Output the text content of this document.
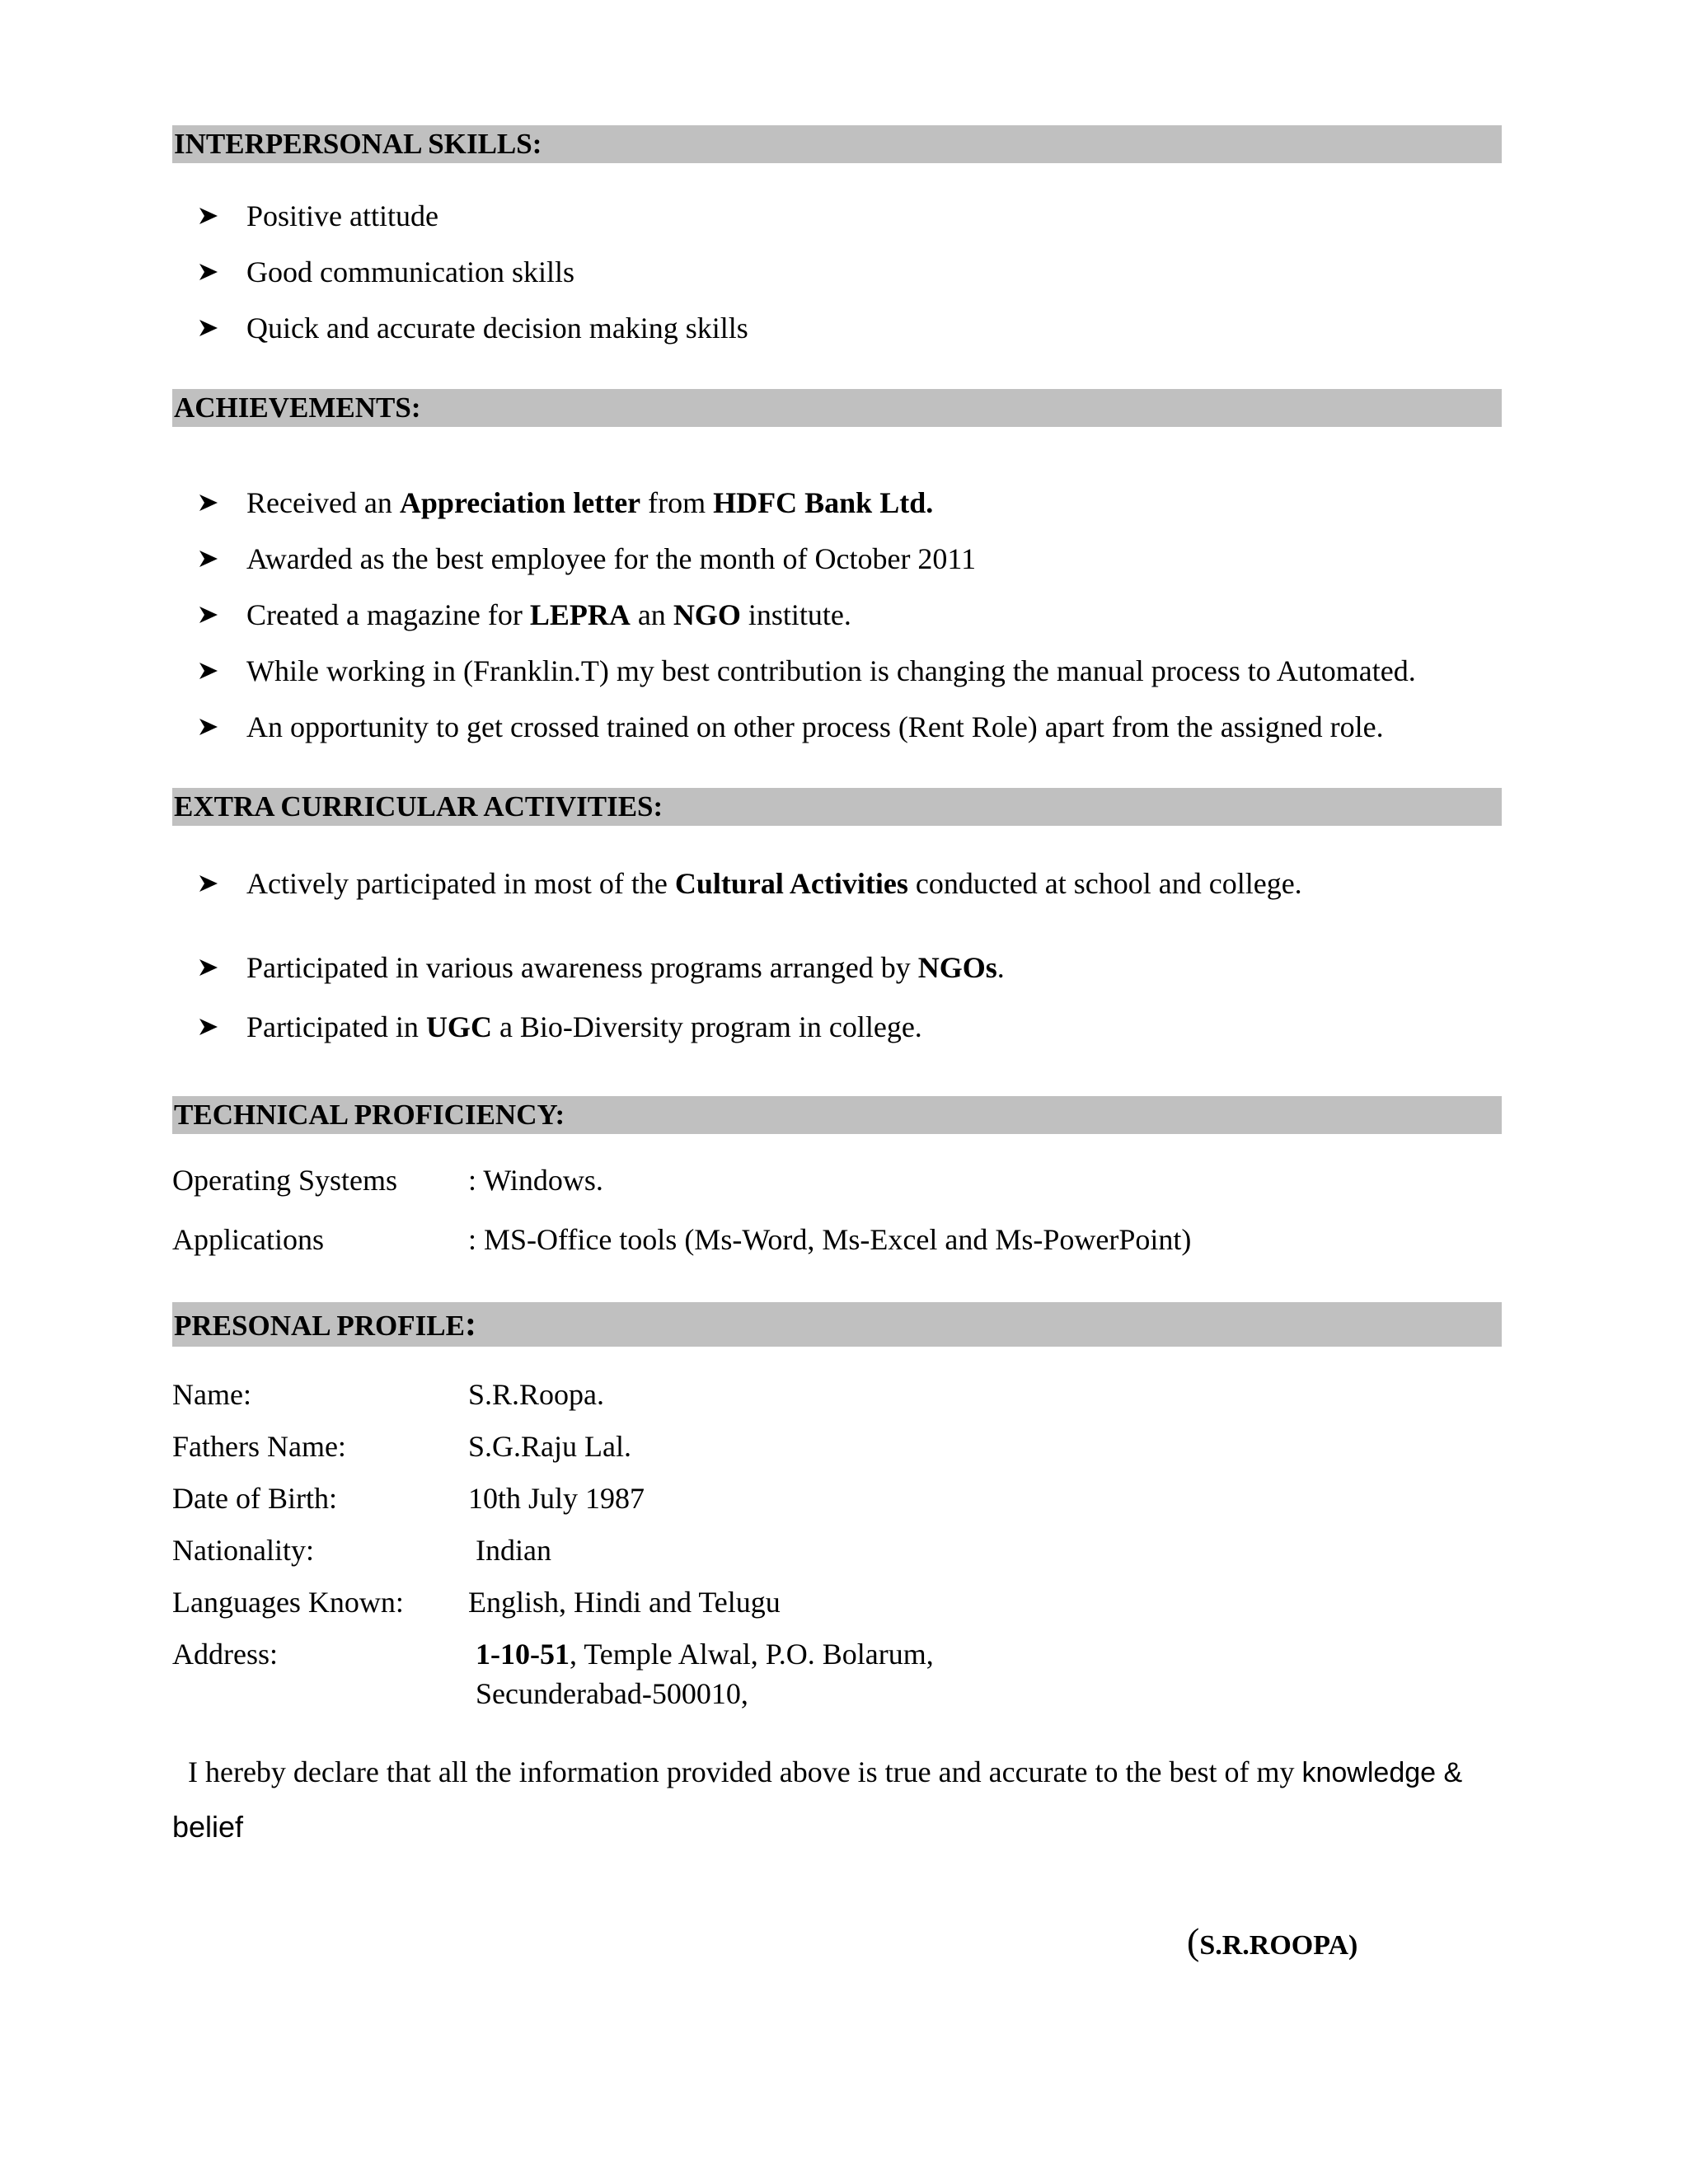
INTERPERSONAL SKILLS:
Positive attitude
Good communication skills
Quick and accurate decision making skills
ACHIEVEMENTS:
Received an Appreciation letter from HDFC Bank Ltd.
Awarded as the best employee for the month of October 2011
Created a magazine for LEPRA an NGO institute.
While working in (Franklin.T) my best contribution is changing the manual process to Automated.
An opportunity to get crossed trained on other process (Rent Role) apart from the assigned role.
EXTRA CURRICULAR ACTIVITIES:
Actively participated in most of the Cultural Activities conducted at school and college.
Participated in various awareness programs arranged by NGOs.
Participated in UGC a Bio-Diversity program in college.
TECHNICAL PROFICIENCY:
Operating Systems : Windows.
Applications	: MS-Office tools (Ms-Word, Ms-Excel and Ms-PowerPoint)
PRESONAL PROFILE:
Name:	S.R.Roopa.
Fathers Name:	S.G.Raju Lal.
Date of Birth:	10th July 1987
Nationality:	Indian
Languages Known: English, Hindi and Telugu
Address:	1-10-51, Temple Alwal, P.O. Bolarum,
Secunderabad-500010,
I hereby declare that all the information provided above is true and accurate to the best of my knowledge &
belief
(S.R.ROOPA)
